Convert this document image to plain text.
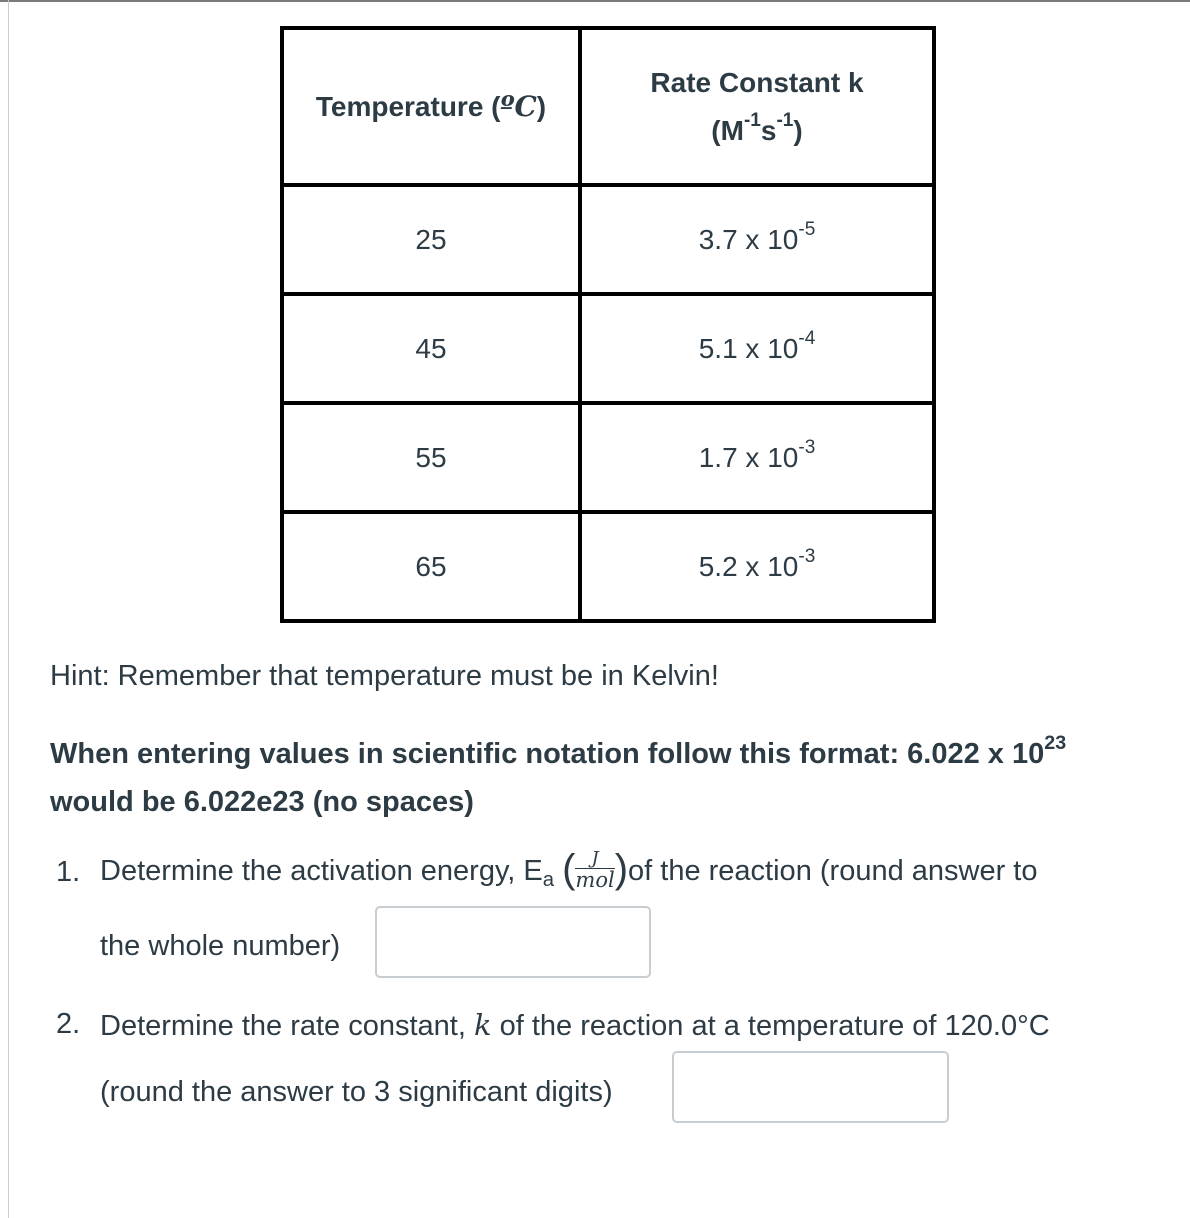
Temperature (ºC)	Rate Constant k
$(M^{-1}s^{-1})$

25	3.7 x $10^{-5}$
45	5.1 x $10^{-4}$
55	1.7 x $10^{-3}$
65	5.2 x $10^{-3}$

Hint: Remember that temperature must be in Kelvin!

When entering values in scientific notation follow this format: 6.022 x $10^{23}$ would be 6.022e23 (no spaces)

1. Determine the activation energy, $E_a$ ( $\frac{J}{\text{mol}} )of$ the reaction (round answer to
the whole number)
2. Determine the rate constant, k of the reaction at a temperature of 120.0°C
(round the answer to 3 significant digits)
